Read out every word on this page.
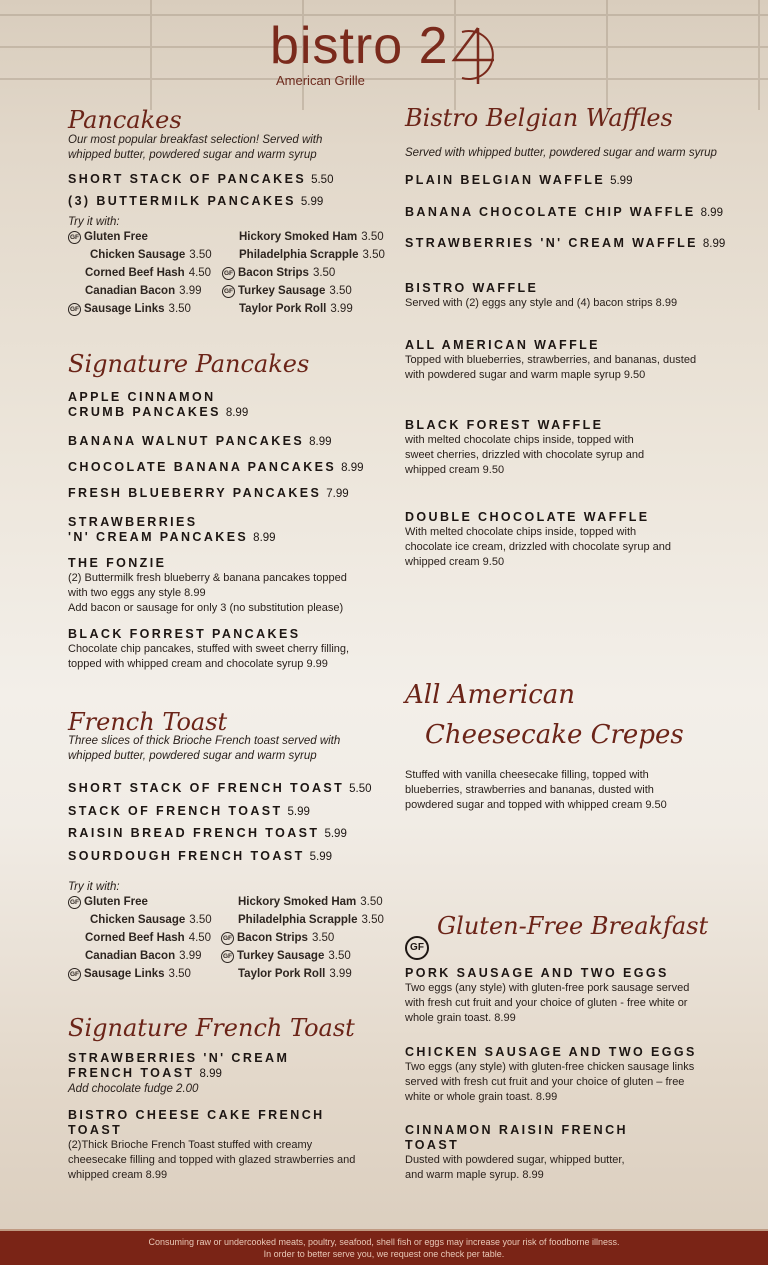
bistro 2
American Grille
Pancakes
Our most popular breakfast selection! Served with whipped butter, powdered sugar and warm syrup
SHORT STACK OF PANCAKES 5.50
(3) BUTTERMILK PANCAKES 5.99
Try it with:
GF Gluten Free
Chicken Sausage 3.50
Corned Beef Hash 4.50
Canadian Bacon 3.99
GF Sausage Links 3.50
Hickory Smoked Ham 3.50
Philadelphia Scrapple 3.50
GF Bacon Strips 3.50
GF Turkey Sausage 3.50
Taylor Pork Roll 3.99
Signature Pancakes
APPLE CINNAMON
CRUMB PANCAKES 8.99
BANANA WALNUT PANCAKES 8.99
CHOCOLATE BANANA PANCAKES 8.99
FRESH BLUEBERRY PANCAKES 7.99
STRAWBERRIES
'N' CREAM PANCAKES 8.99
THE FONZIE
(2) Buttermilk fresh blueberry & banana pancakes topped with two eggs any style 8.99
Add bacon or sausage for only 3 (no substitution please)
BLACK FORREST PANCAKES
Chocolate chip pancakes, stuffed with sweet cherry filling, topped with whipped cream and chocolate syrup 9.99
French Toast
Three slices of thick Brioche French toast served with whipped butter, powdered sugar and warm syrup
SHORT STACK OF FRENCH TOAST 5.50
STACK OF FRENCH TOAST 5.99
RAISIN BREAD FRENCH TOAST 5.99
SOURDOUGH FRENCH TOAST 5.99
Try it with:
GF Gluten Free
Chicken Sausage 3.50
Corned Beef Hash 4.50
Canadian Bacon 3.99
GF Sausage Links 3.50
Hickory Smoked Ham 3.50
Philadelphia Scrapple 3.50
GF Bacon Strips 3.50
GF Turkey Sausage 3.50
Taylor Pork Roll 3.99
Signature French Toast
STRAWBERRIES 'N' CREAM
FRENCH TOAST 8.99
Add chocolate fudge 2.00
BISTRO CHEESE CAKE FRENCH TOAST
(2)Thick Brioche French Toast stuffed with creamy cheesecake filling and topped with glazed strawberries and whipped cream 8.99
Bistro Belgian Waffles
Served with whipped butter, powdered sugar and warm syrup
PLAIN BELGIAN WAFFLE 5.99
BANANA CHOCOLATE CHIP WAFFLE 8.99
STRAWBERRIES 'N' CREAM WAFFLE 8.99
BISTRO WAFFLE
Served with (2) eggs any style and (4) bacon strips 8.99
ALL AMERICAN WAFFLE
Topped with blueberries, strawberries, and bananas, dusted with powdered sugar and warm maple syrup 9.50
BLACK FOREST WAFFLE
with melted chocolate chips inside, topped with sweet cherries, drizzled with chocolate syrup and whipped cream 9.50
DOUBLE CHOCOLATE WAFFLE
With melted chocolate chips inside, topped with chocolate ice cream, drizzled with chocolate syrup and whipped cream 9.50
All American
Cheesecake Crepes
Stuffed with vanilla cheesecake filling, topped with blueberries, strawberries and bananas, dusted with powdered sugar and topped with whipped cream 9.50
Gluten-Free Breakfast
GF
PORK SAUSAGE AND TWO EGGS
Two eggs (any style) with gluten-free pork sausage served with fresh cut fruit and your choice of gluten - free white or whole grain toast. 8.99
CHICKEN SAUSAGE AND TWO EGGS
Two eggs (any style) with gluten-free chicken sausage links served with fresh cut fruit and your choice of gluten – free white or whole grain toast. 8.99
CINNAMON RAISIN FRENCH TOAST
Dusted with powdered sugar, whipped butter, and warm maple syrup. 8.99
Consuming raw or undercooked meats, poultry, seafood, shell fish or eggs may increase your risk of foodborne illness.
In order to better serve you, we request one check per table.
